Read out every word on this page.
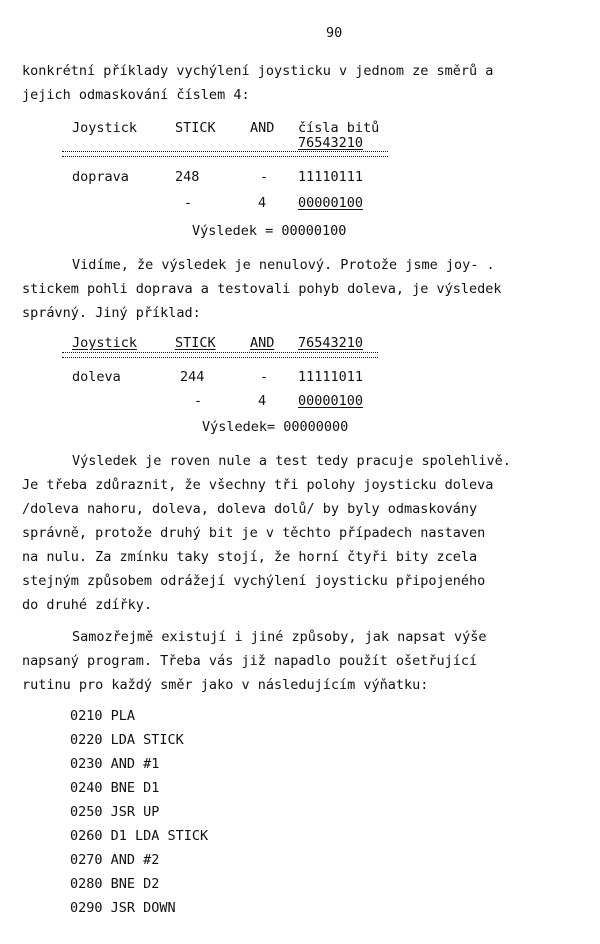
90
konkrétní příklady vychýlení joysticku v jednom ze směrů a
jejich odmaskování číslem 4:
Joystick	STICK	AND čísla bitů
76543210
doprava	248	- 11110111
-	4 00000100
Výsledek = 00000100
Vidíme, že výsledek je nenulový. Protože jsme joy- .
stickem pohli doprava a testovali pohyb doleva, je výsledek
správný. Jiný příklad:
Joystick	STICK	AND 76543210
doleva	244	- 11111011
-	4 00000100
Výsledek= 00000000
Výsledek je roven nule a test tedy pracuje spolehlivě.
Je třeba zdůraznit, že všechny tři polohy joysticku doleva
/doleva nahoru, doleva, doleva dolů/ by byly odmaskovány
správně, protože druhý bit je v těchto případech nastaven
na nulu. Za zmínku taky stojí, že horní čtyři bity zcela
stejným způsobem odrážejí vychýlení joysticku připojeného
do druhé zdířky.
Samozřejmě existují i jiné způsoby, jak napsat výše
napsaný program. Třeba vás již napadlo použít ošetřující
rutinu pro každý směr jako v následujícím výňatku:
0210 PLA
0220 LDA STICK
0230 AND #1
0240 BNE D1
0250 JSR UP
0260 D1 LDA STICK
0270 AND #2
0280 BNE D2
0290 JSR DOWN
